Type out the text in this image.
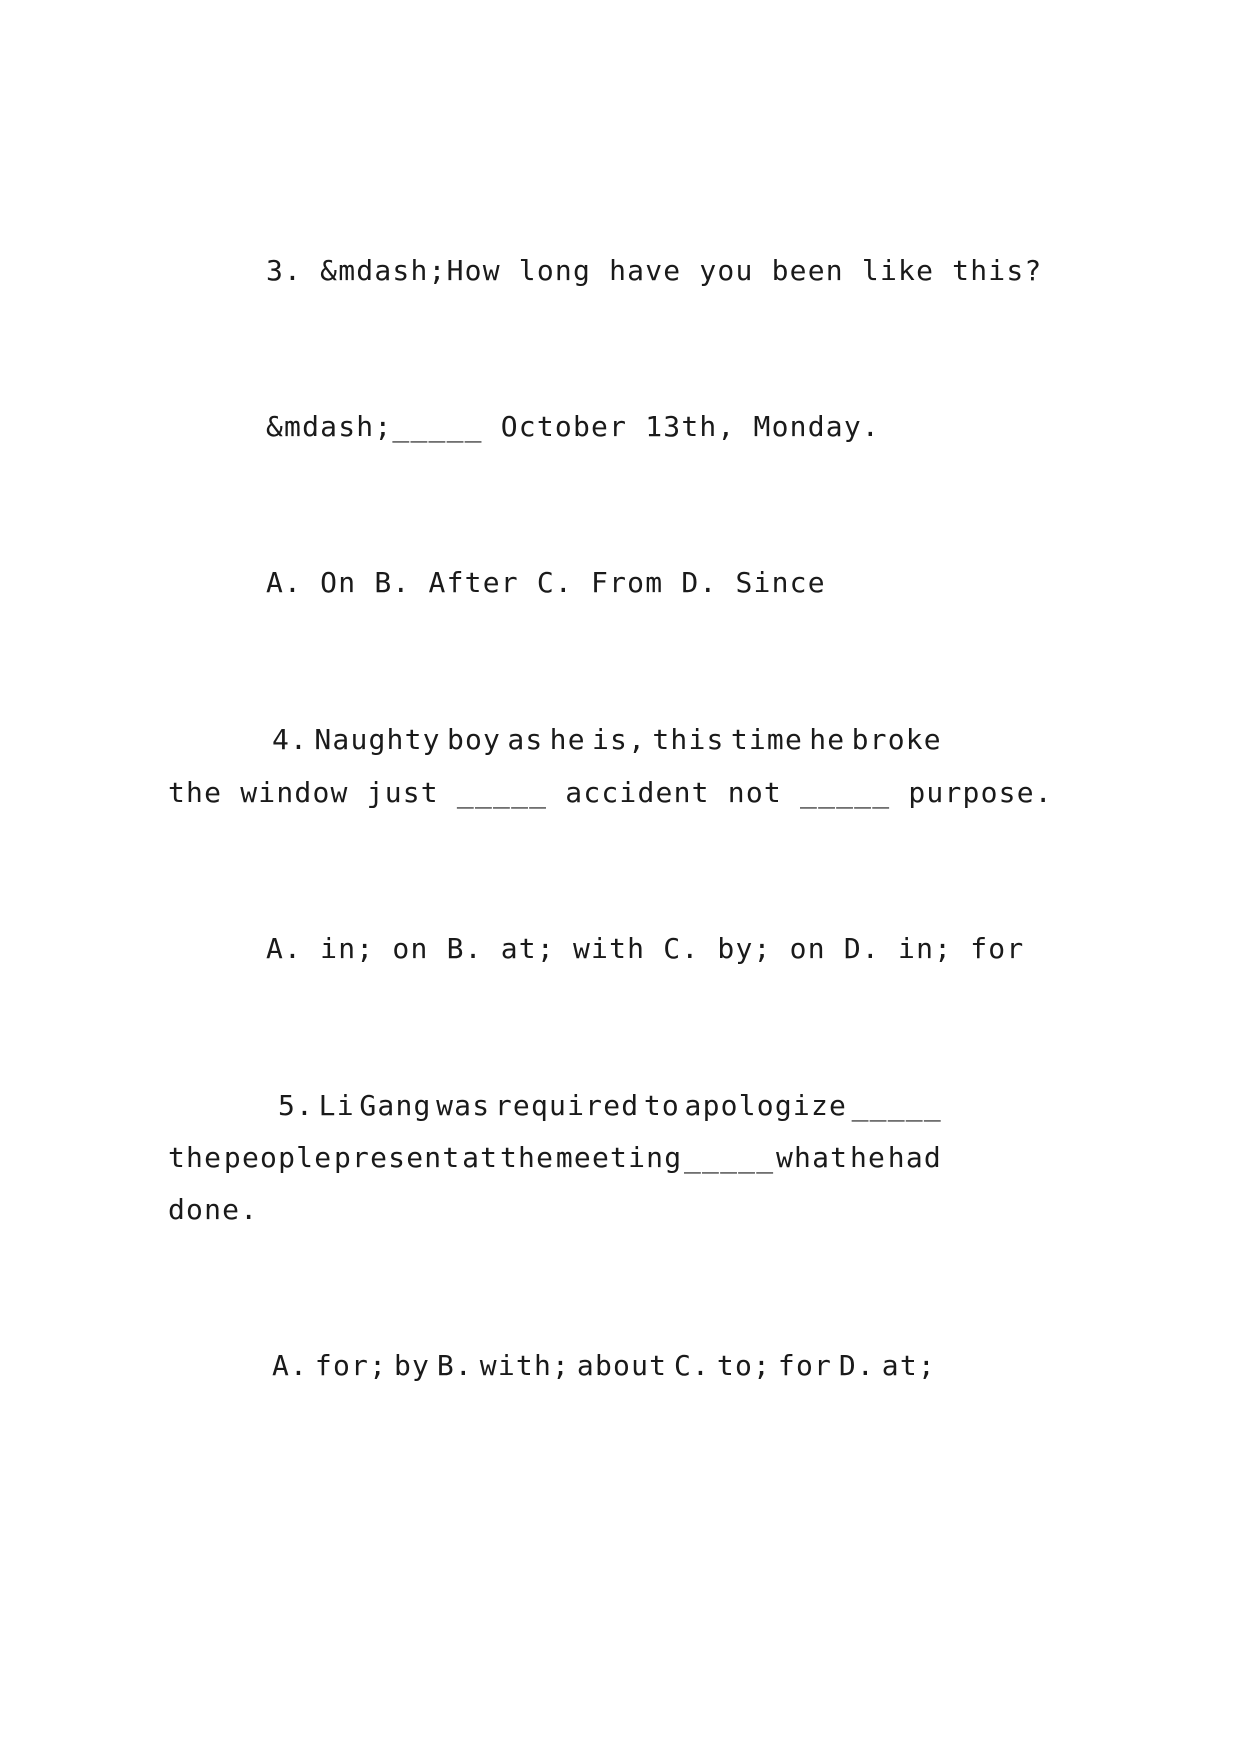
3. &mdash;How long have you been like this?
&mdash;_____ October 13th, Monday.
A. On B. After C. From D. Since
4. Naughty boy as he is, this time he broke
the window just _____ accident not _____ purpose.
A. in; on B. at; with C. by; on D. in; for
5. Li Gang was required to apologize _____
the people present at the meeting _____ what he had
done.
A. for; by B. with; about C. to; for D. at;
